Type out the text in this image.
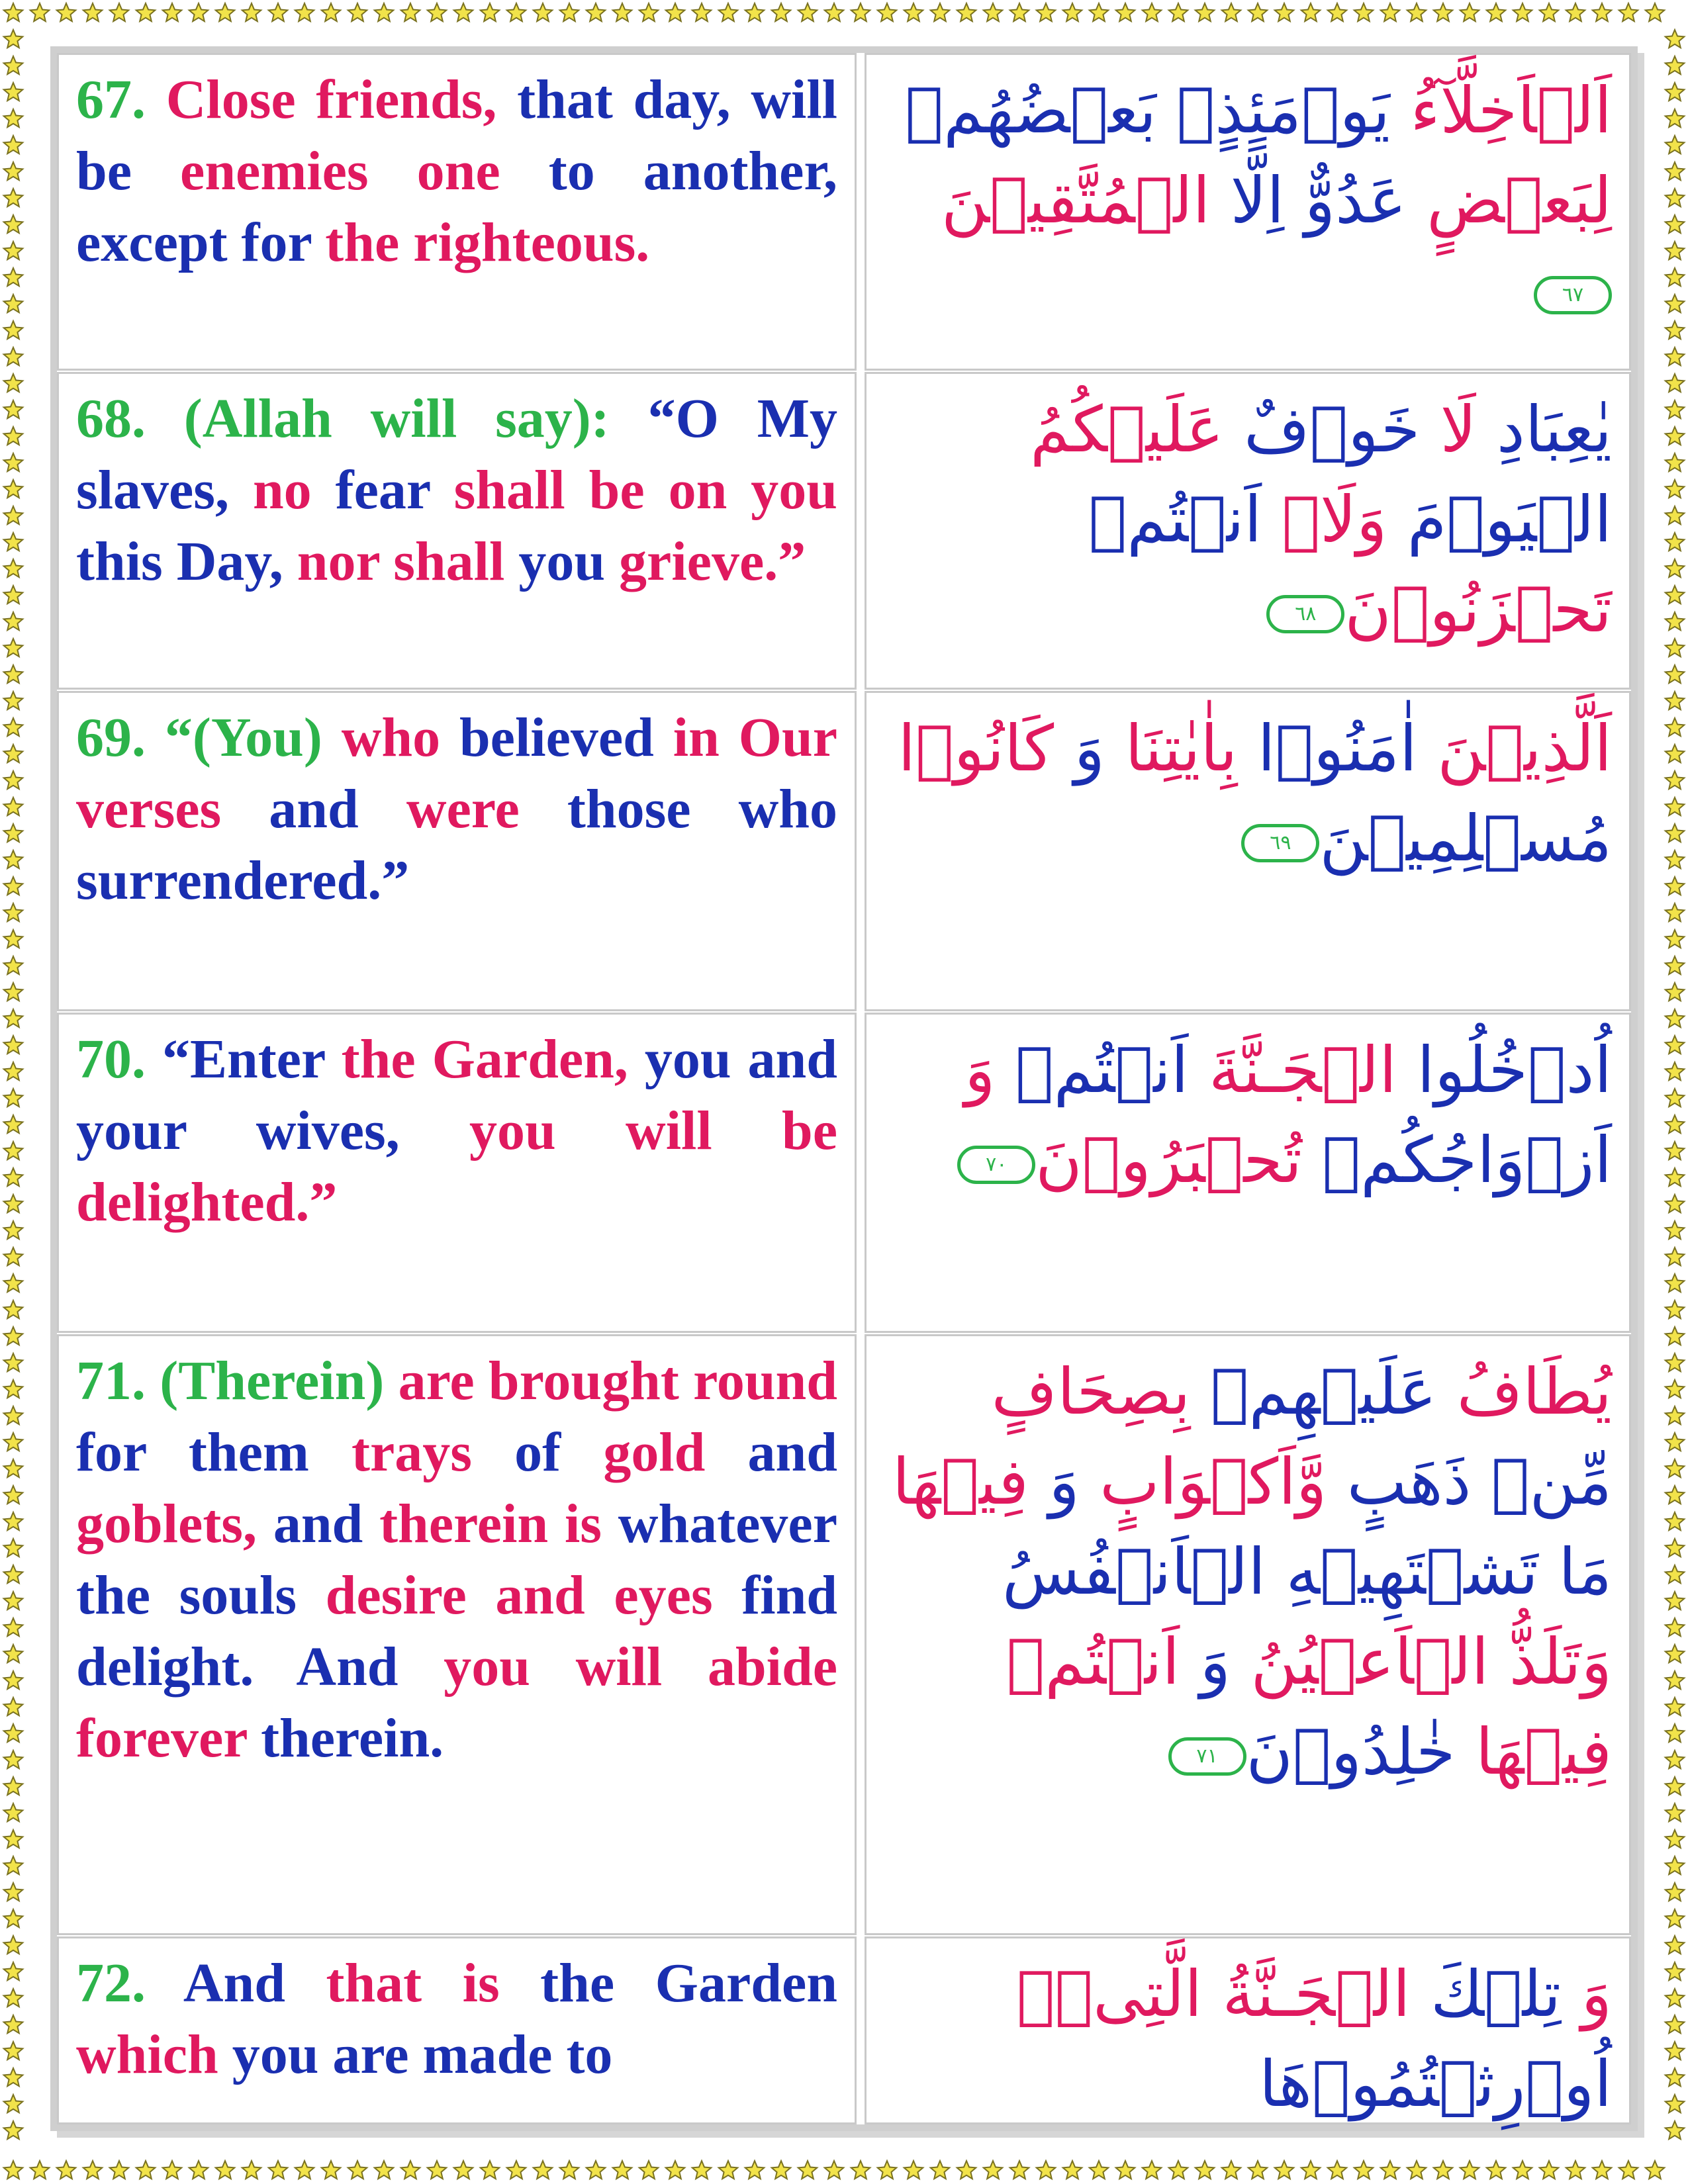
67. Close friends, that day, will be enemies one to another, except for the righteous.
اَلۡاَخِلَّآءُ يَوۡمَئِذٍۢ بَعۡضُهُمۡ لِبَعۡضٍ عَدُوٌّ اِلَّا الۡمُتَّقِيۡنَ٦٧
68. (Allah will say): “O My slaves, no fear shall be on you this Day, nor shall you grieve.”
يٰعِبَادِ لَا خَوۡفٌ عَلَيۡكُمُ الۡيَوۡمَ وَلَاۤ اَنۡتُمۡ تَحۡزَنُوۡنَ٦٨
69. “(You) who believed in Our verses and were those who surrendered.”
اَلَّذِيۡنَ اٰمَنُوۡا بِاٰيٰتِنَا وَ كَانُوۡا مُسۡلِمِيۡنَ٦٩
70. “Enter the Garden, you and your wives, you will be delighted.”
اُدۡخُلُوا الۡجَـنَّةَ اَنۡتُمۡ وَ اَزۡوَاجُكُمۡ تُحۡبَرُوۡنَ٧٠
71. (Therein) are brought round for them trays of gold and goblets, and therein is whatever the souls desire and eyes find delight. And you will abide forever therein.
يُطَافُ عَلَيۡهِمۡ بِصِحَافٍ مِّنۡ ذَهَبٍ وَّاَكۡوَابٍ وَ فِيۡهَا مَا تَشۡتَهِيۡهِ الۡاَنۡفُسُ وَتَلَذُّ الۡاَعۡيُنُ وَ اَنۡتُمۡ فِيۡهَا خٰلِدُوۡنَ٧١
72. And that is the Garden which you are made to
وَ تِلۡكَ الۡجَـنَّةُ الَّتِىۡۤ اُوۡرِثۡتُمُوۡهَا
